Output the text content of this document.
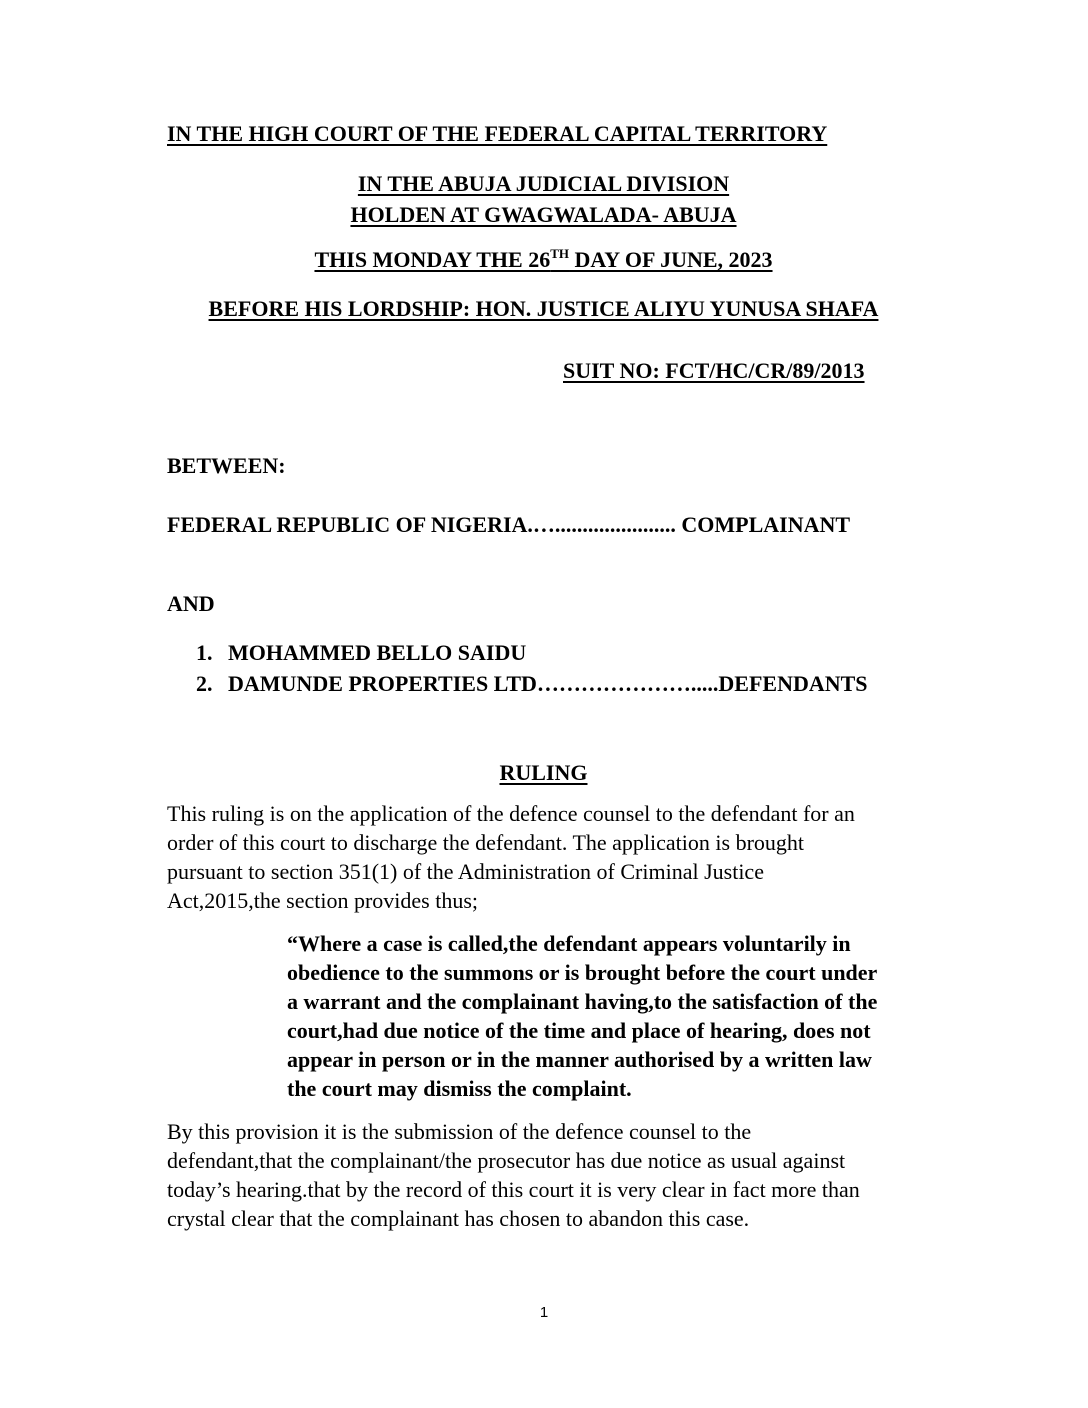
IN THE HIGH COURT OF THE FEDERAL CAPITAL TERRITORY
IN THE ABUJA JUDICIAL DIVISION
HOLDEN AT GWAGWALADA- ABUJA
THIS MONDAY THE 26TH DAY OF JUNE, 2023
BEFORE HIS LORDSHIP: HON. JUSTICE ALIYU YUNUSA SHAFA
SUIT NO: FCT/HC/CR/89/2013
BETWEEN:
FEDERAL REPUBLIC OF NIGERIA.…...................... COMPLAINANT
AND
1. MOHAMMED BELLO SAIDU
2. DAMUNDE PROPERTIES LTD………………….....DEFENDANTS
RULING
This ruling is on the application of the defence counsel to the defendant for an
order of this court to discharge the defendant. The application is brought
pursuant to section 351(1) of the Administration of Criminal Justice
Act,2015,the section provides thus;
“Where a case is called,the defendant appears voluntarily in
obedience to the summons or is brought before the court under
a warrant and the complainant having,to the satisfaction of the
court,had due notice of the time and place of hearing, does not
appear in person or in the manner authorised by a written law
the court may dismiss the complaint.
By this provision it is the submission of the defence counsel to the
defendant,that the complainant/the prosecutor has due notice as usual against
today’s hearing.that by the record of this court it is very clear in fact more than
crystal clear that the complainant has chosen to abandon this case.
1
